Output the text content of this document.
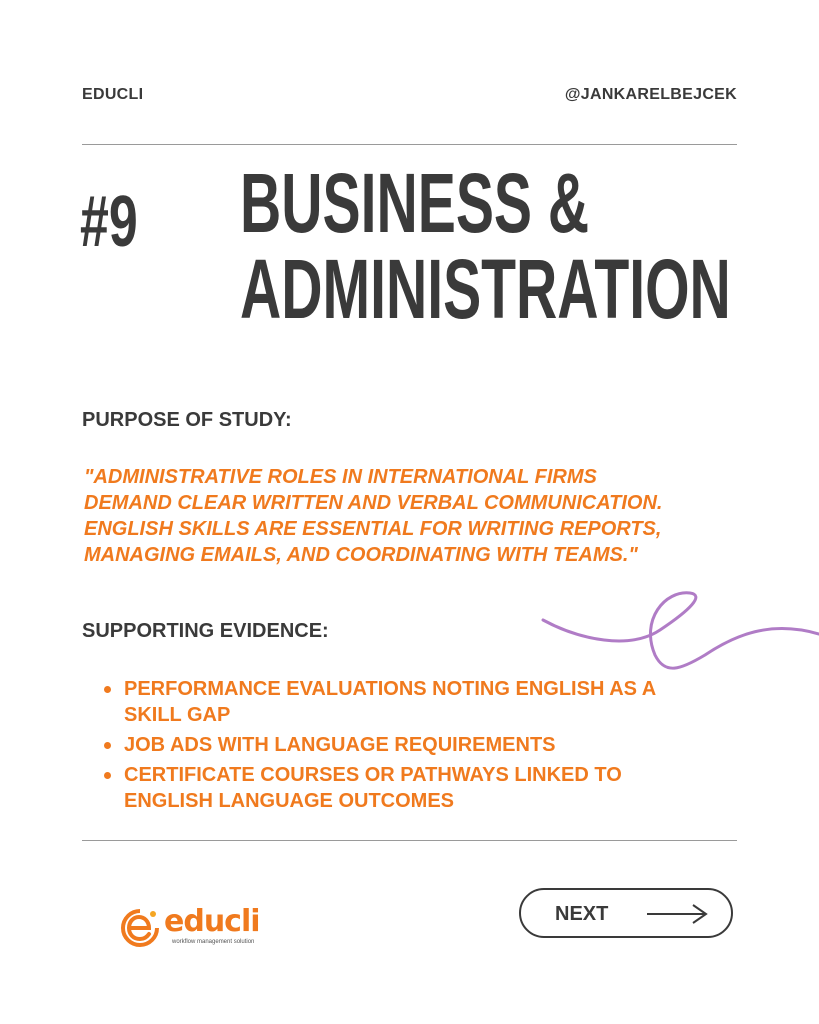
EDUCLI	@JANKARELBEJCEK
#9 BUSINESS &
ADMINISTRATION
PURPOSE OF STUDY:
"ADMINISTRATIVE ROLES IN INTERNATIONAL FIRMS
DEMAND CLEAR WRITTEN AND VERBAL COMMUNICATION.
ENGLISH SKILLS ARE ESSENTIAL FOR WRITING REPORTS,
MANAGING EMAILS, AND COORDINATING WITH TEAMS."
SUPPORTING EVIDENCE:
PERFORMANCE EVALUATIONS NOTING ENGLISH AS A
SKILL GAP
JOB ADS WITH LANGUAGE REQUIREMENTS
CERTIFICATE COURSES OR PATHWAYS LINKED TO
ENGLISH LANGUAGE OUTCOMES
educli
workflow management solution
NEXT
